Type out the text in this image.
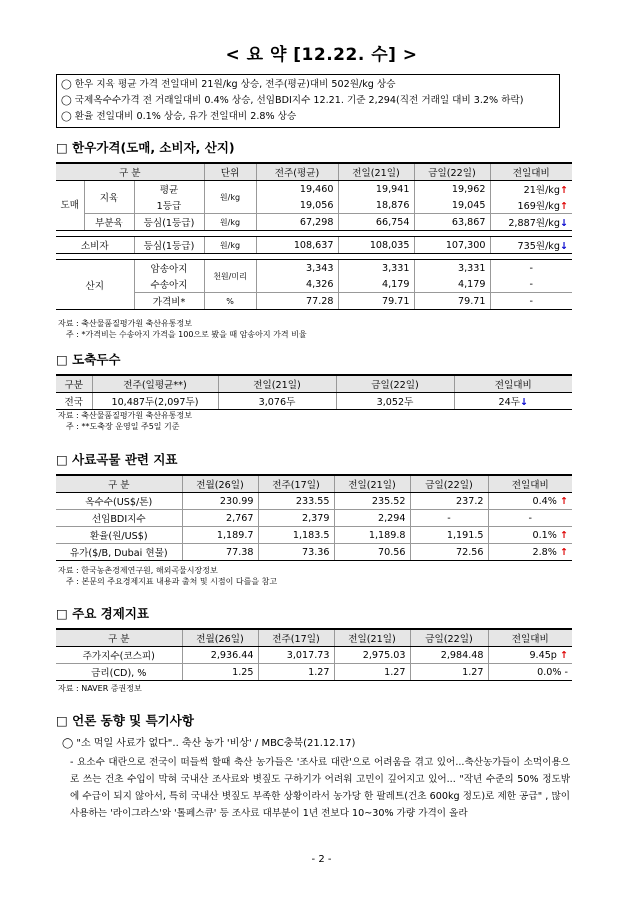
< 요 약 [12.22. 수] >
◯ 한우 지육 평균 가격 전일대비 21원/kg 상승, 전주(평균)대비 502원/kg 상승
◯ 국제옥수수가격 전 거래일대비 0.4% 상승, 선임BDI지수 12.21. 기준 2,294(직전 거래일 대비 3.2% 하락)
◯ 환율 전일대비 0.1% 상승, 유가 전일대비 2.8% 상승
□ 한우가격(도매, 소비자, 산지)
구 분			단위	전주(평균)	전일(21일)	금일(22일)	전일대비
도매	지육	평균	원/kg	19,460	19,941	19,962	21원/kg↑
		1등급		19,056	18,876	19,045	169원/kg↑
	부분육	등심(1등급)	원/kg	67,298	66,754	63,867	2,887원/kg↓

소비자		등심(1등급)	원/kg	108,637	108,035	107,300	735원/kg↓

산지		암송아지	천원/미리	3,343	3,331	3,331	-
		수송아지		4,326	4,179	4,179	-
		가격비*	%	77.28	79.71	79.71	-
자료 : 축산물품질평가원 축산유통정보
주 : *가격비는 수송아지 가격을 100으로 봤을 때 암송아지 가격 비율
□ 도축두수
구분	전주(일평균**)	전일(21일)	금일(22일)	전일대비
전국	10,487두(2,097두)	3,076두	3,052두	24두↓
자료 : 축산물품질평가원 축산유통정보
주 : **도축장 운영일 주5일 기준
□ 사료곡물 관련 지표
구 분	전월(26일)	전주(17일)	전일(21일)	금일(22일)	전일대비
옥수수(US$/톤)	230.99	233.55	235.52	237.2	0.4% ↑
선임BDI지수	2,767	2,379	2,294	-	-
환율(원/US$)	1,189.7	1,183.5	1,189.8	1,191.5	0.1% ↑
유가($/B, Dubai 현물)	77.38	73.36	70.56	72.56	2.8% ↑
자료 : 한국농촌경제연구원, 해외곡물시장정보
주 : 본문의 주요경제지표 내용과 출처 및 시점이 다를을 참고
□ 주요 경제지표
구 분	전월(26일)	전주(17일)	전일(21일)	금일(22일)	전일대비
주가지수(코스피)	2,936.44	3,017.73	2,975.03	2,984.48	9.45p ↑
금리(CD), %	1.25	1.27	1.27	1.27	0.0% -
자료 : NAVER 증권정보
□ 언론 동향 및 특기사항
◯ "소 먹일 사료가 없다".. 축산 농가 '비상' / MBC충북(21.12.17)
- 요소수 대란으로 전국이 떠들썩 할때 축산 농가들은 '조사료 대란'으로 어려움을 겪고 있어...축산농가들이 소먹이용으로 쓰는 건초 수입이 막혀 국내산 조사료와 볏짚도 구하기가 어려워 고민이 깊어지고 있어... "작년 수준의 50% 정도밖에 수급이 되지 않아서, 특히 국내산 볏짚도 부족한 상황이라서 농가당 한 팔레트(건초 600kg 정도)로 제한 공급" , 많이 사용하는 '라이그라스'와 '톨페스큐' 등 조사료 대부분이 1년 전보다 10~30% 가량 가격이 올라
- 2 -
